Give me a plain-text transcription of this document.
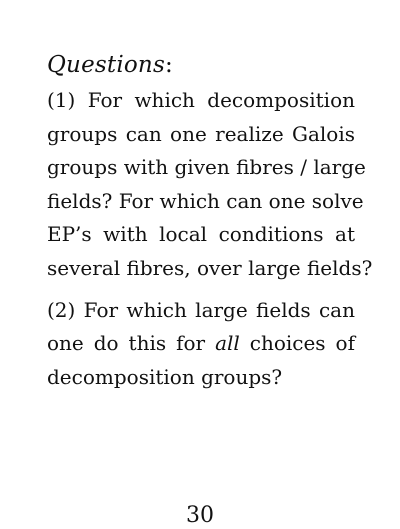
Questions:

(1) For which decomposition
groups can one realize Galois
groups with given fibres / large
fields? For which can one solve
EP’s with local conditions at
several fibres, over large fields?

(2) For which large fields can
one do this for all choices of
decomposition groups?

30
